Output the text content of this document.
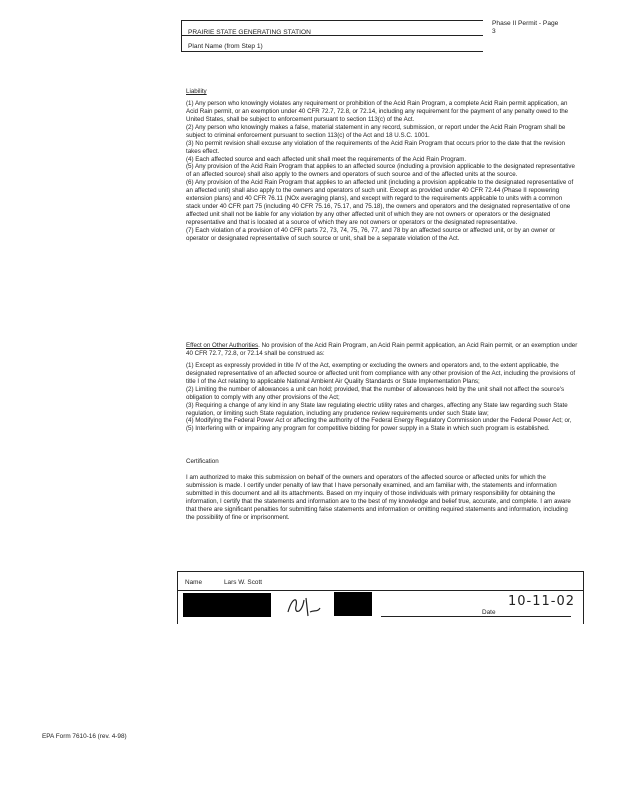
PRAIRIE STATE GENERATING STATION
Plant Name (from Step 1)
Phase II Permit - Page
3

Liability

(1) Any person who knowingly violates any requirement or prohibition of the Acid Rain Program, a complete Acid Rain permit application, an Acid Rain permit, or an exemption under 40 CFR 72.7, 72.8, or 72.14, including any requirement for the payment of any penalty owed to the United States, shall be subject to enforcement pursuant to section 113(c) of the Act.

(2) Any person who knowingly makes a false, material statement in any record, submission, or report under the Acid Rain Program shall be subject to criminal enforcement pursuant to section 113(c) of the Act and 18 U.S.C. 1001.

(3) No permit revision shall excuse any violation of the requirements of the Acid Rain Program that occurs prior to the date that the revision takes effect.

(4) Each affected source and each affected unit shall meet the requirements of the Acid Rain Program.

(5) Any provision of the Acid Rain Program that applies to an affected source (including a provision applicable to the designated representative of an affected source) shall also apply to the owners and operators of such source and of the affected units at the source.

(6) Any provision of the Acid Rain Program that applies to an affected unit (including a provision applicable to the designated representative of an affected unit) shall also apply to the owners and operators of such unit. Except as provided under 40 CFR 72.44 (Phase II repowering extension plans) and 40 CFR 76.11 (NOx averaging plans), and except with regard to the requirements applicable to units with a common stack under 40 CFR part 75 (including 40 CFR 75.16, 75.17, and 75.18), the owners and operators and the designated representative of one affected unit shall not be liable for any violation by any other affected unit of which they are not owners or operators or the designated representative and that is located at a source of which they are not owners or operators or the designated representative.

(7) Each violation of a provision of 40 CFR parts 72, 73, 74, 75, 76, 77, and 78 by an affected source or affected unit, or by an owner or operator or designated representative of such source or unit, shall be a separate violation of the Act.

Effect on Other Authorities. No provision of the Acid Rain Program, an Acid Rain permit application, an Acid Rain permit, or an exemption under 40 CFR 72.7, 72.8, or 72.14 shall be construed as:

(1) Except as expressly provided in title IV of the Act, exempting or excluding the owners and operators and, to the extent applicable, the designated representative of an affected source or affected unit from compliance with any other provision of the Act, including the provisions of title I of the Act relating to applicable National Ambient Air Quality Standards or State Implementation Plans;

(2) Limiting the number of allowances a unit can hold; provided, that the number of allowances held by the unit shall not affect the source's obligation to comply with any other provisions of the Act;

(3) Requiring a change of any kind in any State law regulating electric utility rates and charges, affecting any State law regarding such State regulation, or limiting such State regulation, including any prudence review requirements under such State law;

(4) Modifying the Federal Power Act or affecting the authority of the Federal Energy Regulatory Commission under the Federal Power Act; or,

(5) Interfering with or impairing any program for competitive bidding for power supply in a State in which such program is established.

Certification

I am authorized to make this submission on behalf of the owners and operators of the affected source or affected units for which the submission is made. I certify under penalty of law that I have personally examined, and am familiar with, the statements and information submitted in this document and all its attachments. Based on my inquiry of those individuals with primary responsibility for obtaining the information, I certify that the statements and information are to the best of my knowledge and belief true, accurate, and complete. I am aware that there are significant penalties for submitting false statements and information or omitting required statements and information, including the possibility of fine or imprisonment.

Name	Lars W. Scott
10-11-02
Date
EPA Form 7610-16 (rev. 4-98)
